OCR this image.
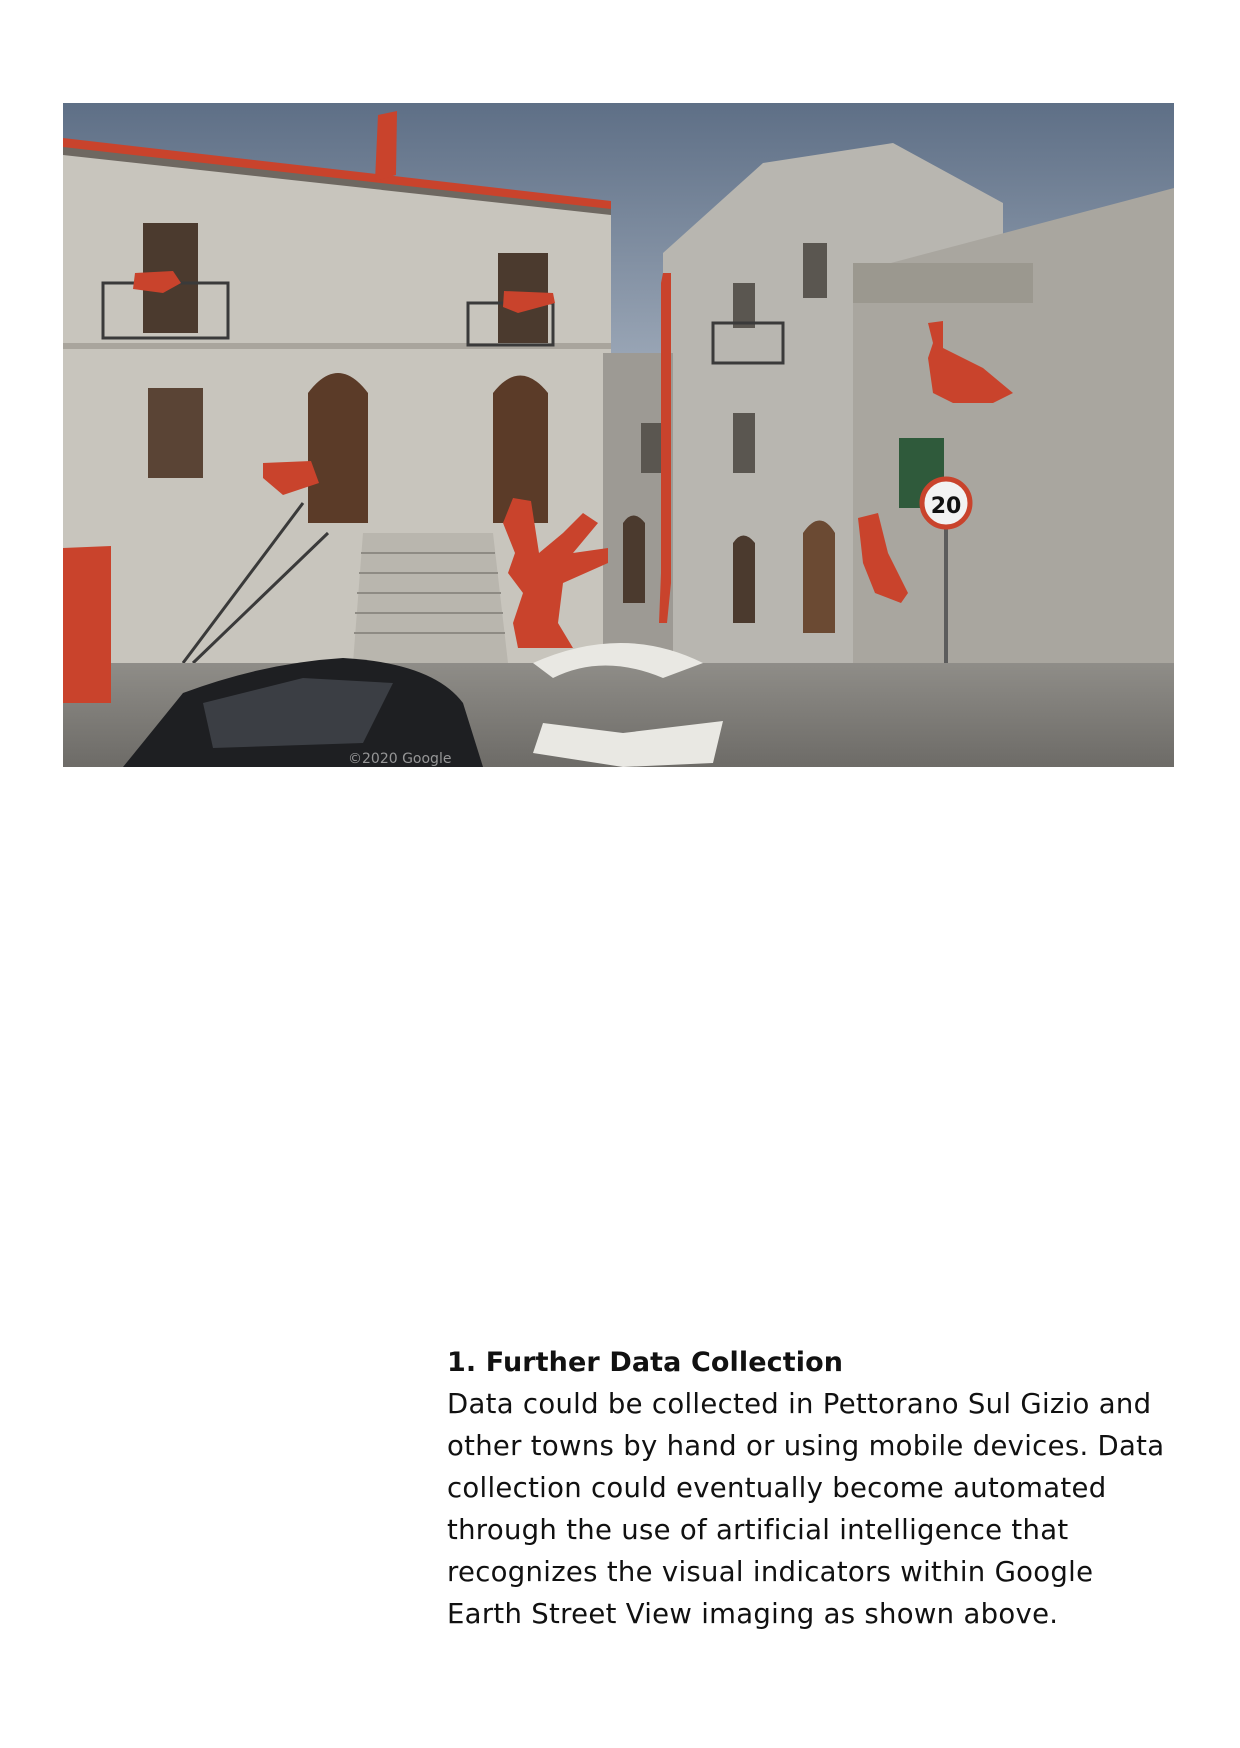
20
©2020 Google

1. Further Data Collection

Data could be collected in Pettorano Sul Gizio and

other towns by hand or using mobile devices. Data

collection could eventually become automated

through the use of artificial intelligence that

recognizes the visual indicators within Google

Earth Street View imaging as shown above.
